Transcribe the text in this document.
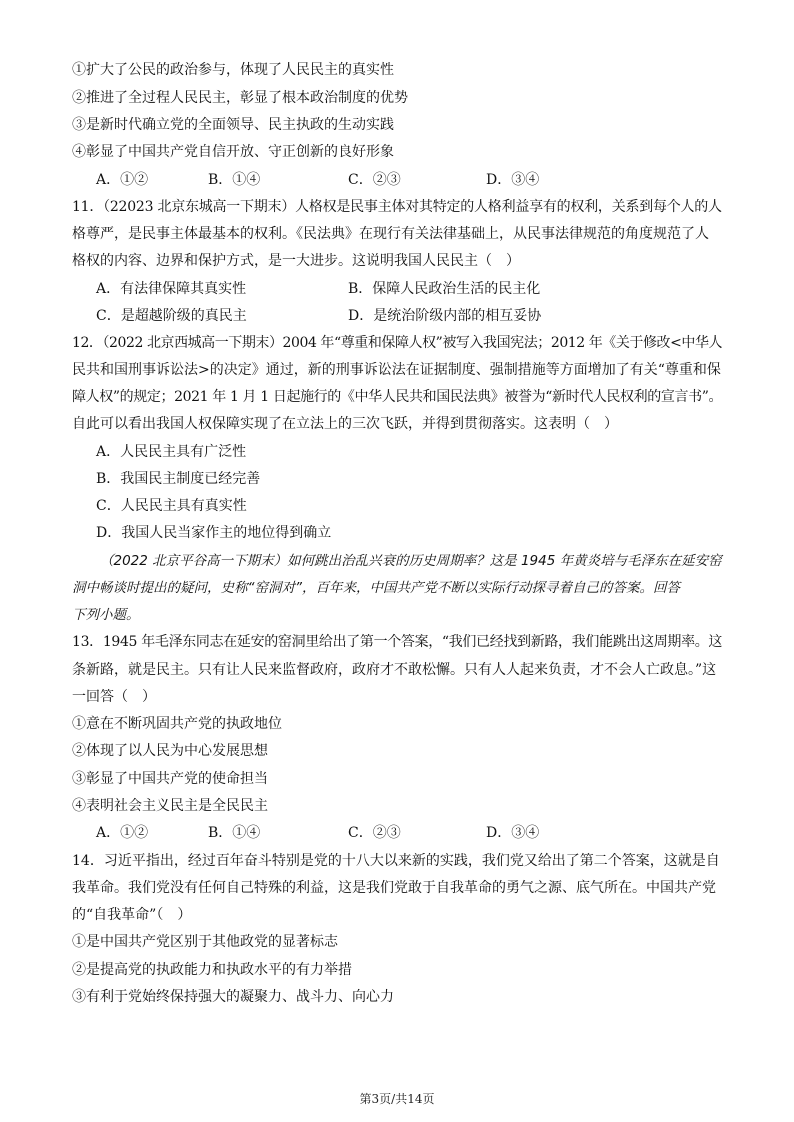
①扩大了公民的政治参与，体现了人民民主的真实性
②推进了全过程人民民主，彰显了根本政治制度的优势
③是新时代确立党的全面领导、民主执政的生动实践
④彰显了中国共产党自信开放、守正创新的良好形象
A．①②	B．①④	C．②③	D．③④
11．（22023 北京东城高一下期末）人格权是民事主体对其特定的人格利益享有的权利，关系到每个人的人
格尊严，是民事主体最基本的权利。《民法典》在现行有关法律基础上，从民事法律规范的角度规范了人
格权的内容、边界和保护方式，是一大进步。这说明我国人民民主（　）
A．有法律保障其真实性	B．保障人民政治生活的民主化
C．是超越阶级的真民主	D．是统治阶级内部的相互妥协
12．（2022 北京西城高一下期末）2004 年“尊重和保障人权”被写入我国宪法；2012 年《关于修改<中华人
民共和国刑事诉讼法>的决定》通过，新的刑事诉讼法在证据制度、强制措施等方面增加了有关“尊重和保
障人权”的规定；2021 年 1 月 1 日起施行的《中华人民共和国民法典》被誉为“新时代人民权利的宣言书”。
自此可以看出我国人权保障实现了在立法上的三次飞跃，并得到贯彻落实。这表明（　）
A．人民民主具有广泛性
B．我国民主制度已经完善
C．人民民主具有真实性
D．我国人民当家作主的地位得到确立
（2022 北京平谷高一下期末）如何跳出治乱兴衰的历史周期率？这是 1945 年黄炎培与毛泽东在延安窑
洞中畅谈时提出的疑问，史称“窑洞对”，百年来，中国共产党不断以实际行动探寻着自己的答案。回答
下列小题。
13．1945 年毛泽东同志在延安的窑洞里给出了第一个答案，“我们已经找到新路，我们能跳出这周期率。这
条新路，就是民主。只有让人民来监督政府，政府才不敢松懈。只有人人起来负责，才不会人亡政息。”这
一回答（　）
①意在不断巩固共产党的执政地位
②体现了以人民为中心发展思想
③彰显了中国共产党的使命担当
④表明社会主义民主是全民民主
A．①②	B．①④	C．②③	D．③④
14．习近平指出，经过百年奋斗特别是党的十八大以来新的实践，我们党又给出了第二个答案，这就是自
我革命。我们党没有任何自己特殊的利益，这是我们党敢于自我革命的勇气之源、底气所在。中国共产党
的“自我革命”（　）
①是中国共产党区别于其他政党的显著标志
②是提高党的执政能力和执政水平的有力举措
③有利于党始终保持强大的凝聚力、战斗力、向心力
第3页/共14页
